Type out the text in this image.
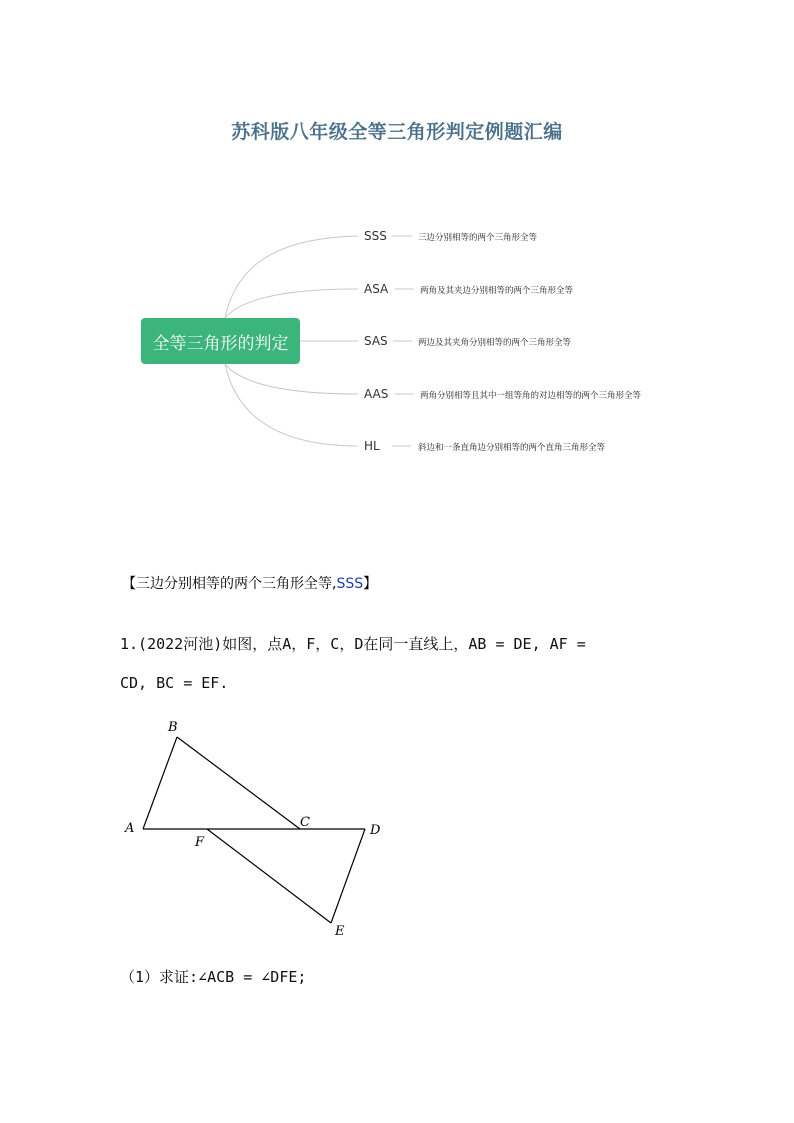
苏科版八年级全等三角形判定例题汇编
全等三角形的判定
SSS	三边分别相等的两个三角形全等
ASA	两角及其夹边分别相等的两个三角形全等
SAS	两边及其夹角分别相等的两个三角形全等
AAS	两角分别相等且其中一组等角的对边相等的两个三角形全等
HL	斜边和一条直角边分别相等的两个直角三角形全等
【三边分别相等的两个三角形全等,SSS】
1.(2022河池)如图，点A，F，C，D在同一直线上，AB = DE, AF =
CD, BC = EF.
B
A	C
D
F
E
（1）求证:∠ACB = ∠DFE;
